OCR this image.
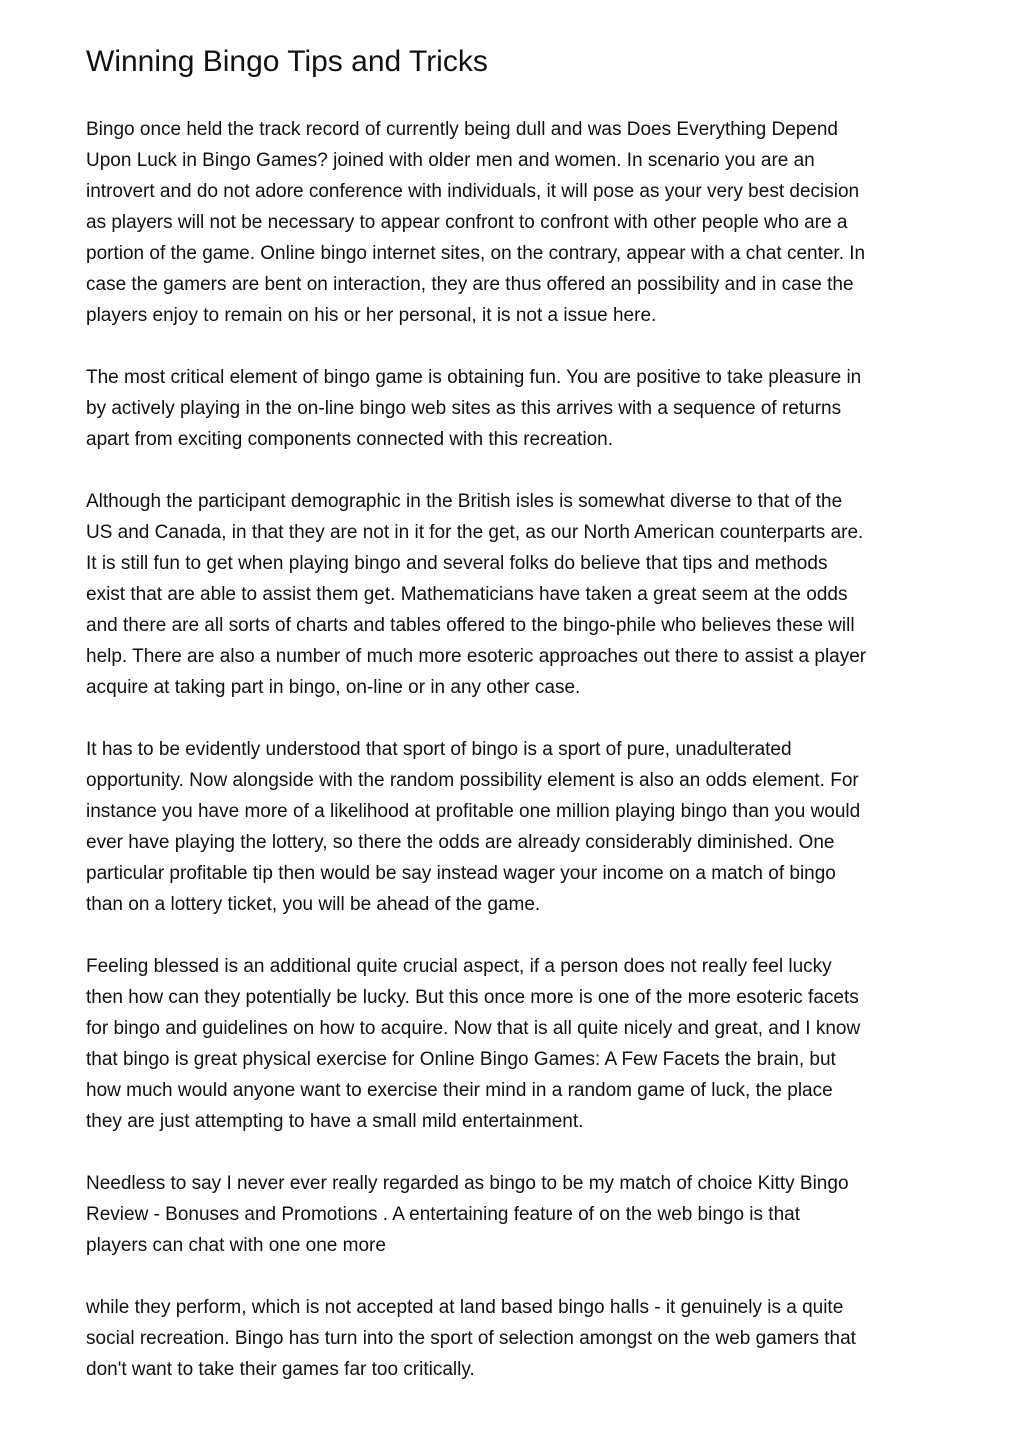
Winning Bingo Tips and Tricks

Bingo once held the track record of currently being dull and was Does Everything Depend
Upon Luck in Bingo Games? joined with older men and women. In scenario you are an
introvert and do not adore conference with individuals, it will pose as your very best decision
as players will not be necessary to appear confront to confront with other people who are a
portion of the game. Online bingo internet sites, on the contrary, appear with a chat center. In
case the gamers are bent on interaction, they are thus offered an possibility and in case the
players enjoy to remain on his or her personal, it is not a issue here.

The most critical element of bingo game is obtaining fun. You are positive to take pleasure in
by actively playing in the on-line bingo web sites as this arrives with a sequence of returns
apart from exciting components connected with this recreation.

Although the participant demographic in the British isles is somewhat diverse to that of the
US and Canada, in that they are not in it for the get, as our North American counterparts are.
It is still fun to get when playing bingo and several folks do believe that tips and methods
exist that are able to assist them get. Mathematicians have taken a great seem at the odds
and there are all sorts of charts and tables offered to the bingo-phile who believes these will
help. There are also a number of much more esoteric approaches out there to assist a player
acquire at taking part in bingo, on-line or in any other case.

It has to be evidently understood that sport of bingo is a sport of pure, unadulterated
opportunity. Now alongside with the random possibility element is also an odds element. For
instance you have more of a likelihood at profitable one million playing bingo than you would
ever have playing the lottery, so there the odds are already considerably diminished. One
particular profitable tip then would be say instead wager your income on a match of bingo
than on a lottery ticket, you will be ahead of the game.

Feeling blessed is an additional quite crucial aspect, if a person does not really feel lucky
then how can they potentially be lucky. But this once more is one of the more esoteric facets
for bingo and guidelines on how to acquire. Now that is all quite nicely and great, and I know
that bingo is great physical exercise for Online Bingo Games: A Few Facets the brain, but
how much would anyone want to exercise their mind in a random game of luck, the place
they are just attempting to have a small mild entertainment.

Needless to say I never ever really regarded as bingo to be my match of choice Kitty Bingo
Review - Bonuses and Promotions . A entertaining feature of on the web bingo is that
players can chat with one one more

while they perform, which is not accepted at land based bingo halls - it genuinely is a quite
social recreation. Bingo has turn into the sport of selection amongst on the web gamers that
don't want to take their games far too critically.
